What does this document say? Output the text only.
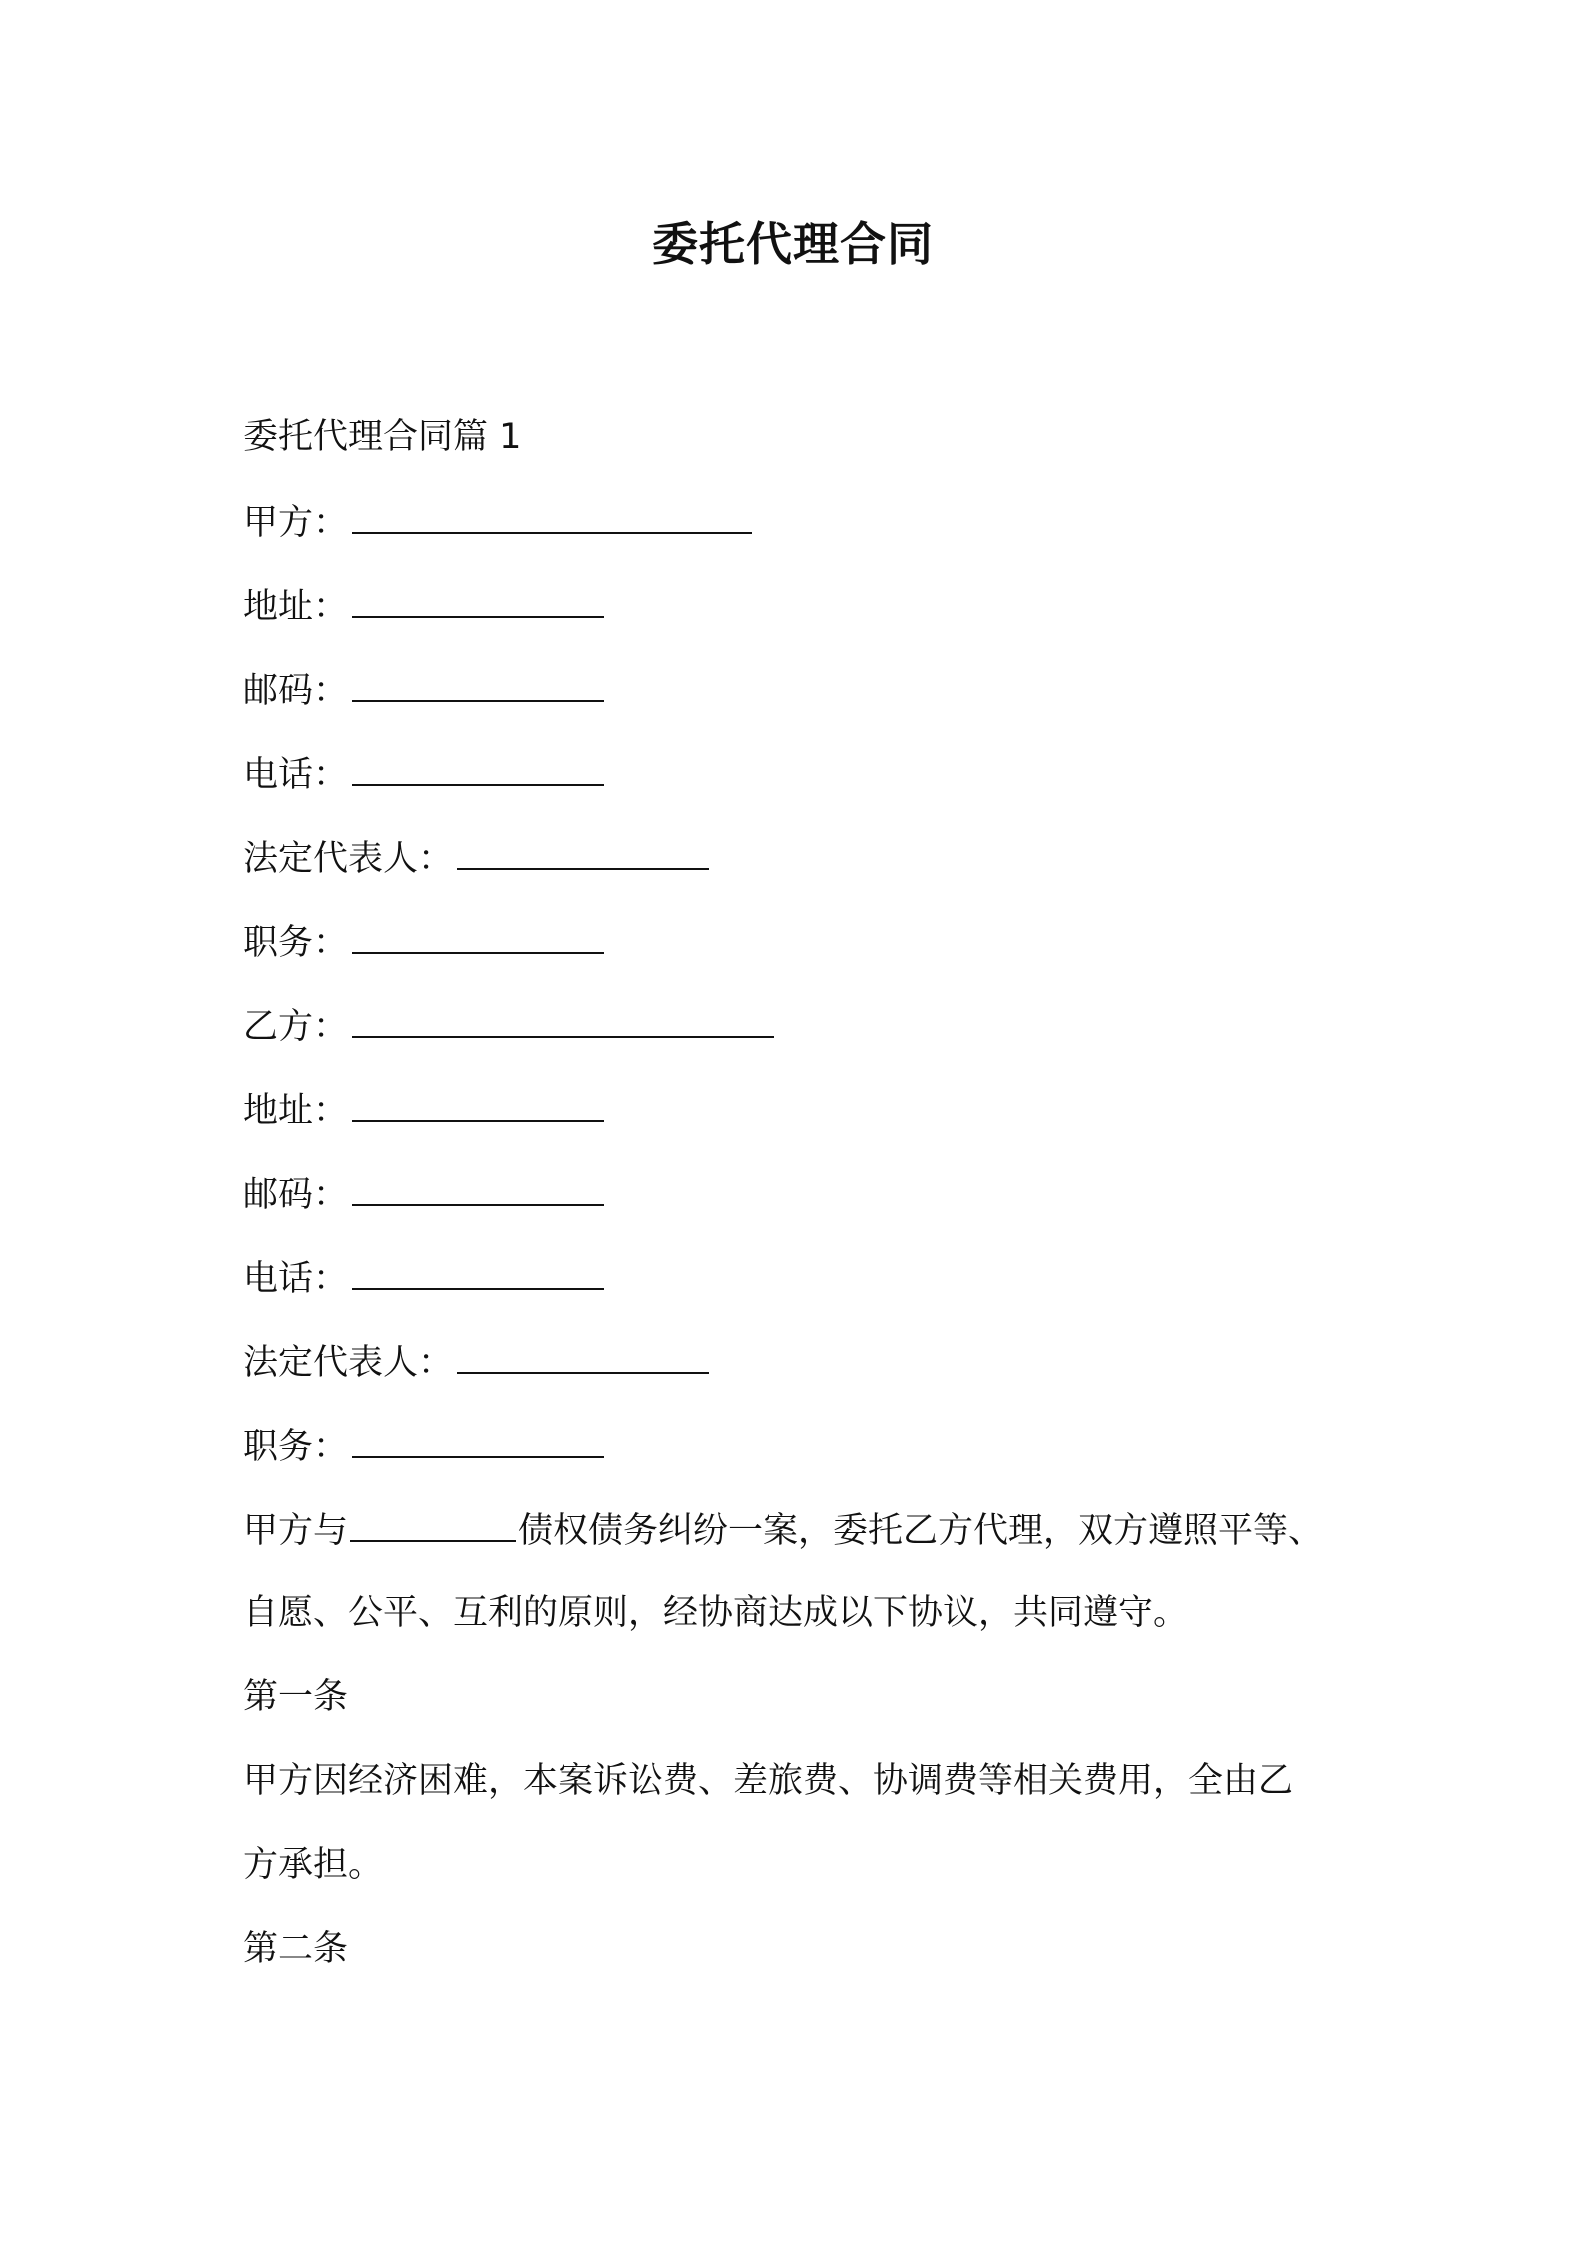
委托代理合同
委托代理合同篇 1
甲方：
地址：
邮码：
电话：
法定代表人：
职务：
乙方：
地址：
邮码：
电话：
法定代表人：
职务：
甲方与	债权债务纠纷一案，委托乙方代理，双方遵照平等、
自愿、公平、互利的原则，经协商达成以下协议，共同遵守。
第一条
甲方因经济困难，本案诉讼费、差旅费、协调费等相关费用，全由乙
方承担。
第二条
